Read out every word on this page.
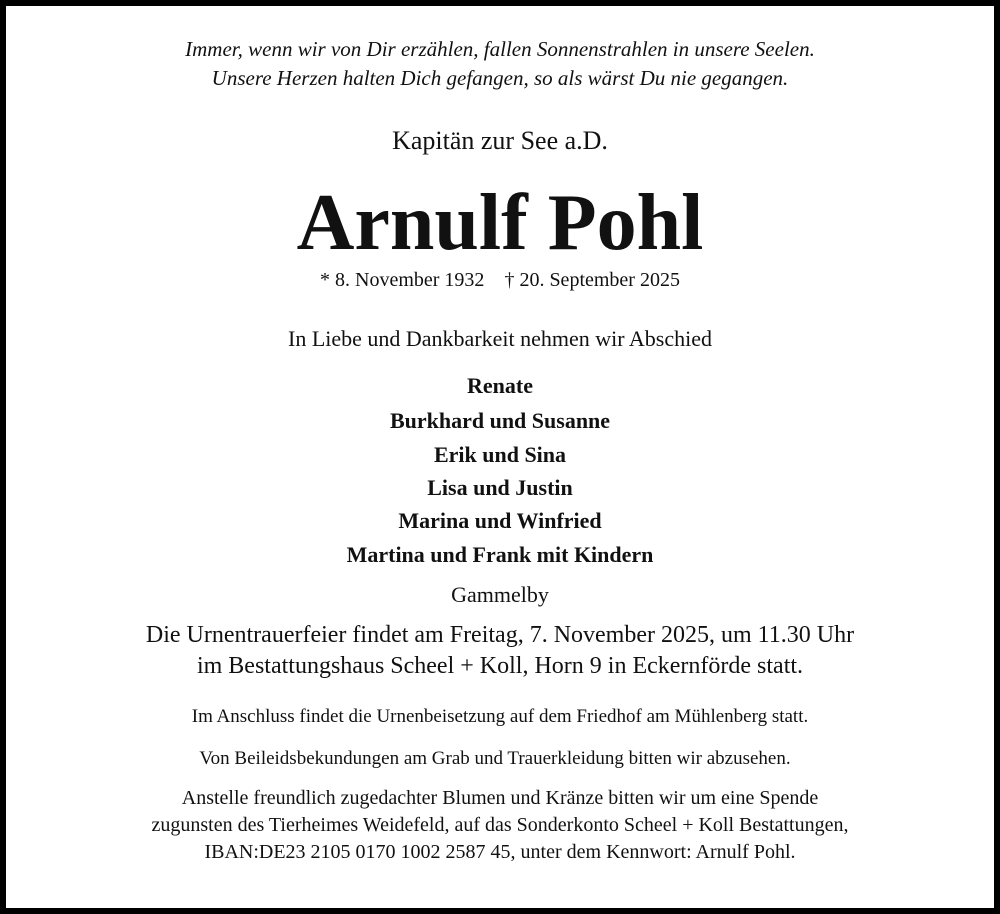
Immer, wenn wir von Dir erzählen, fallen Sonnenstrahlen in unsere Seelen.
Unsere Herzen halten Dich gefangen, so als wärst Du nie gegangen.
Kapitän zur See a.D.
Arnulf Pohl
* 8. November 1932 † 20. September 2025
In Liebe und Dankbarkeit nehmen wir Abschied
Renate
Burkhard und Susanne
Erik und Sina
Lisa und Justin
Marina und Winfried
Martina und Frank mit Kindern
Gammelby
Die Urnentrauerfeier findet am Freitag, 7. November 2025, um 11.30 Uhr
im Bestattungshaus Scheel + Koll, Horn 9 in Eckernförde statt.
Im Anschluss findet die Urnenbeisetzung auf dem Friedhof am Mühlenberg statt.
Von Beileidsbekundungen am Grab und Trauerkleidung bitten wir abzusehen.
Anstelle freundlich zugedachter Blumen und Kränze bitten wir um eine Spende
zugunsten des Tierheimes Weidefeld, auf das Sonderkonto Scheel + Koll Bestattungen,
IBAN:DE23 2105 0170 1002 2587 45, unter dem Kennwort: Arnulf Pohl.
